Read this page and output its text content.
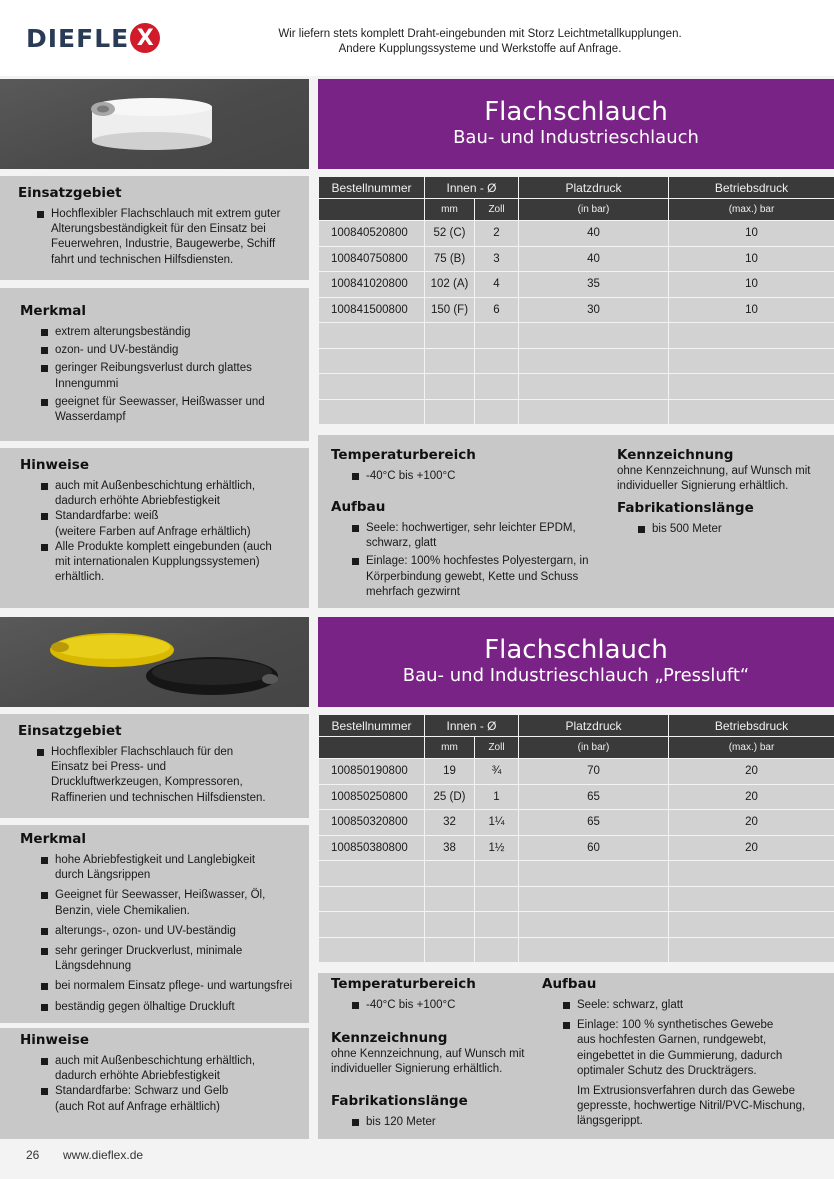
DIEFLE X	Wir liefern stets komplett Draht-eingebunden mit Storz Leichtmetallkupplungen.
Andere Kupplungssysteme und Werkstoffe auf Anfrage.
Flachschlauch
Bau- und Industrieschlauch
Einsatzgebiet
Hochflexibler Flachschlauch mit extrem guter Alterungsbeständigkeit für den Einsatz bei Feuerwehren, Industrie, Baugewerbe, Schiff fahrt und technischen Hilfsdiensten.
Merkmal
extrem alterungsbeständig
ozon- und UV-beständig
geringer Reibungsverlust durch glattes Innengummi
geeignet für Seewasser, Heißwasser und Wasserdampf
Hinweise
auch mit Außenbeschichtung erhältlich, dadurch erhöhte Abriebfestigkeit
Standardfarbe: weiß
(weitere Farben auf Anfrage erhältlich)
Alle Produkte komplett eingebunden (auch mit internationalen Kupplungssystemen) erhältlich.
Bestellnummer	Innen - Ø		Platzdruck	Betriebsdruck
	mm	Zoll	(in bar)	(max.) bar
100840520800	52 (C)	2	40	10
100840750800	75 (B)	3	40	10
100841020800	102 (A)	4	35	10
100841500800	150 (F)	6	30	10

Temperaturbereich
-40°C bis +100°C
Aufbau
Seele: hochwertiger, sehr leichter EPDM, schwarz, glatt
Einlage: 100% hochfestes Polyestergarn, in Körperbindung gewebt, Kette und Schuss mehrfach gezwirnt
Kennzeichnung

ohne Kennzeichnung, auf Wunsch mit individueller Signierung erhältlich.

Fabrikationslänge
bis 500 Meter
Flachschlauch
Bau- und Industrieschlauch „Pressluft“
Einsatzgebiet
Hochflexibler Flachschlauch für den Einsatz bei Press- und Druckluftwerkzeugen, Kompressoren, Raffinerien und technischen Hilfsdiensten.
Merkmal
hohe Abriebfestigkeit und Langlebigkeit durch Längsrippen
Geeignet für Seewasser, Heißwasser, Öl, Benzin, viele Chemikalien.
alterungs-, ozon- und UV-beständig
sehr geringer Druckverlust, minimale Längsdehnung
bei normalem Einsatz pflege- und wartungsfrei
beständig gegen ölhaltige Druckluft
Hinweise
auch mit Außenbeschichtung erhältlich, dadurch erhöhte Abriebfestigkeit
Standardfarbe: Schwarz und Gelb
(auch Rot auf Anfrage erhältlich)
Bestellnummer	Innen - Ø		Platzdruck	Betriebsdruck
	mm	Zoll	(in bar)	(max.) bar
100850190800	19	¾	70	20
100850250800	25 (D)	1	65	20
100850320800	32	1¼	65	20
100850380800	38	1½	60	20

Temperaturbereich
-40°C bis +100°C
Kennzeichnung

ohne Kennzeichnung, auf Wunsch mit individueller Signierung erhältlich.

Fabrikationslänge
bis 120 Meter
Aufbau
Seele: schwarz, glatt
Einlage: 100 % synthetisches Gewebe aus hochfesten Garnen, rundgewebt, eingebettet in die Gummierung, dadurch optimaler Schutz des Druckträgers.

Im Extrusionsverfahren durch das Gewebe gepresste, hochwertige Nitril/PVC-Mischung, längsgerippt.

26 www.dieflex.de
